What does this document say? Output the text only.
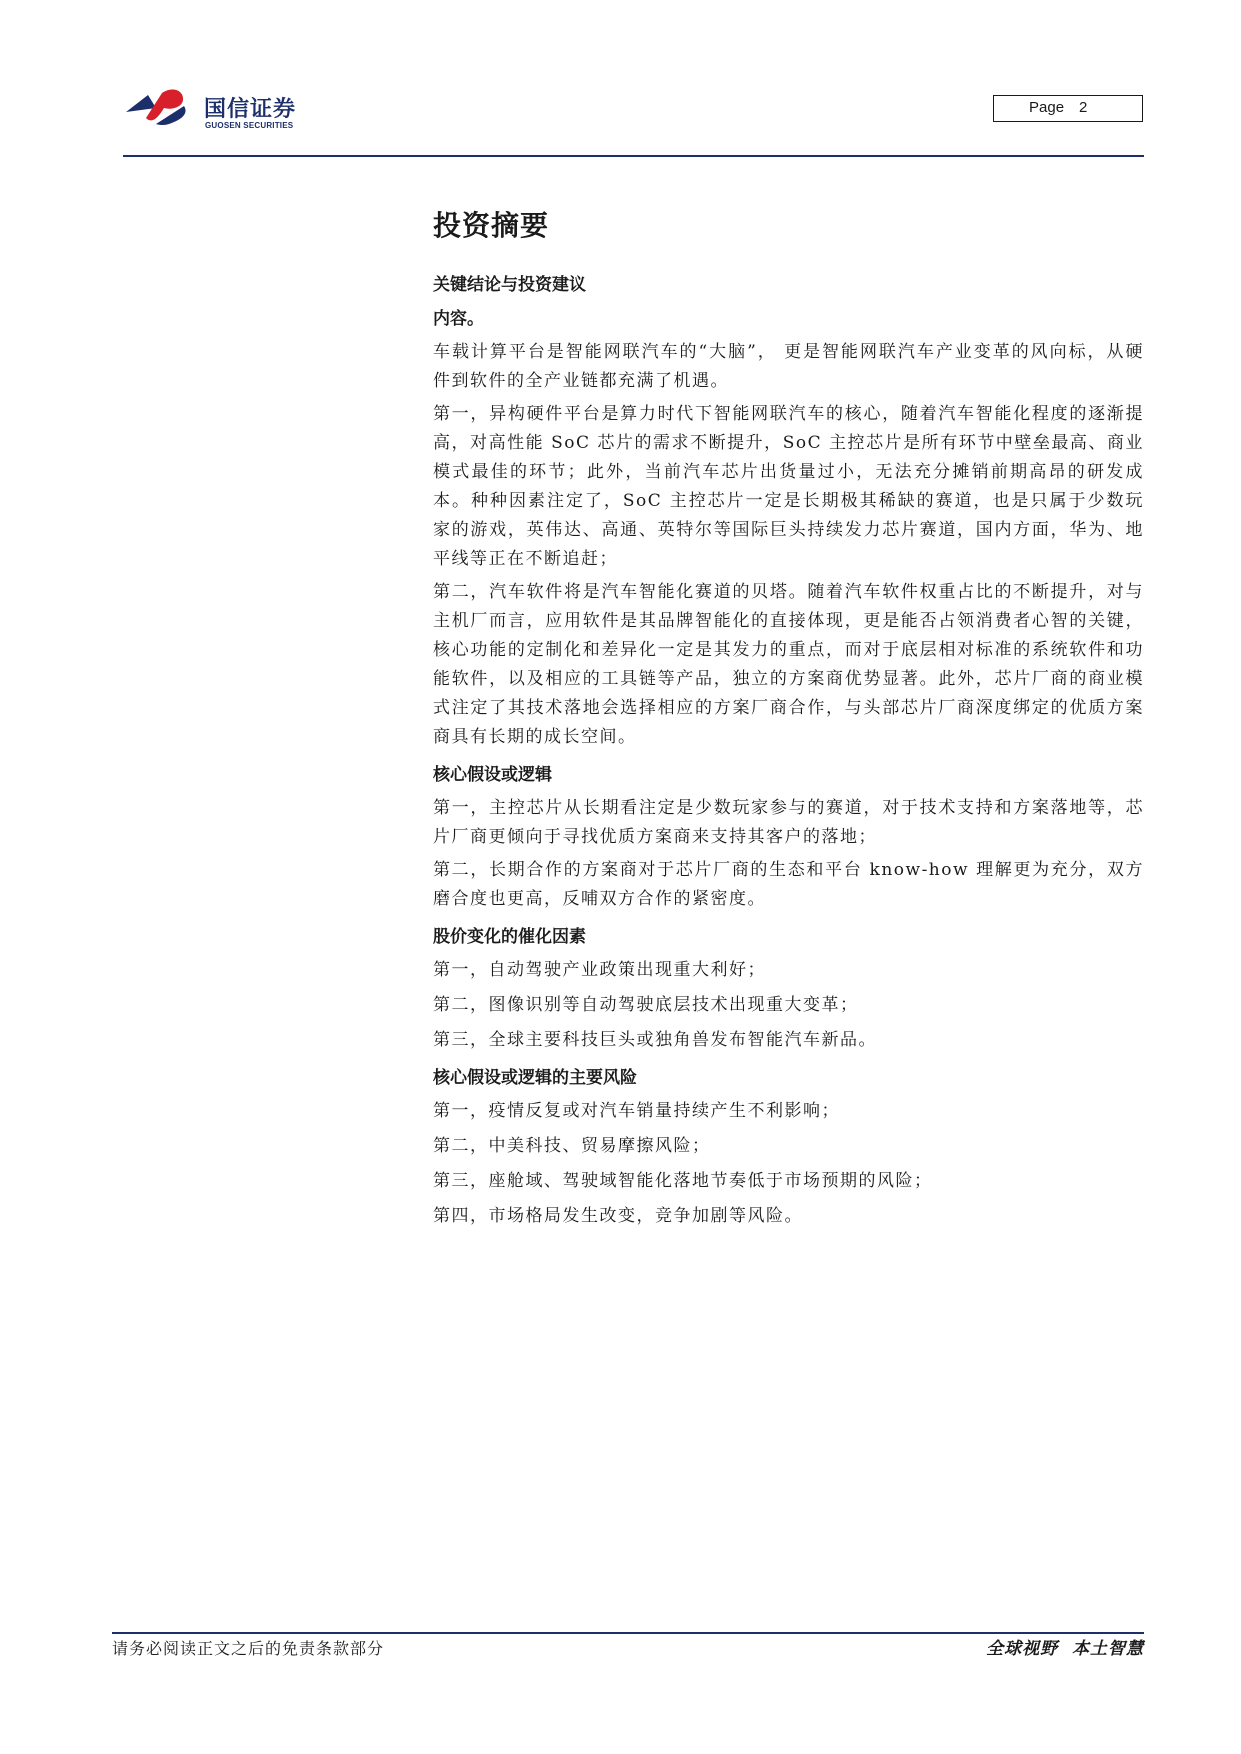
国信证券
GUOSEN SECURITIES
Page 2
投资摘要
关键结论与投资建议
内容。

车载计算平台是智能网联汽车的“大脑”， 更是智能网联汽车产业变革的风向标，从硬件到软件的全产业链都充满了机遇。

第一，异构硬件平台是算力时代下智能网联汽车的核心，随着汽车智能化程度的逐渐提高，对高性能 SoC 芯片的需求不断提升，SoC 主控芯片是所有环节中壁垒最高、商业模式最佳的环节；此外，当前汽车芯片出货量过小，无法充分摊销前期高昂的研发成本。种种因素注定了，SoC 主控芯片一定是长期极其稀缺的赛道，也是只属于少数玩家的游戏，英伟达、高通、英特尔等国际巨头持续发力芯片赛道，国内方面，华为、地平线等正在不断追赶；

第二，汽车软件将是汽车智能化赛道的贝塔。随着汽车软件权重占比的不断提升，对与主机厂而言，应用软件是其品牌智能化的直接体现，更是能否占领消费者心智的关键，核心功能的定制化和差异化一定是其发力的重点，而对于底层相对标准的系统软件和功能软件，以及相应的工具链等产品，独立的方案商优势显著。此外，芯片厂商的商业模式注定了其技术落地会选择相应的方案厂商合作，与头部芯片厂商深度绑定的优质方案商具有长期的成长空间。

核心假设或逻辑

第一，主控芯片从长期看注定是少数玩家参与的赛道，对于技术支持和方案落地等，芯片厂商更倾向于寻找优质方案商来支持其客户的落地；

第二，长期合作的方案商对于芯片厂商的生态和平台 know-how 理解更为充分，双方磨合度也更高，反哺双方合作的紧密度。

股价变化的催化因素

第一，自动驾驶产业政策出现重大利好；

第二，图像识别等自动驾驶底层技术出现重大变革；

第三，全球主要科技巨头或独角兽发布智能汽车新品。

核心假设或逻辑的主要风险

第一，疫情反复或对汽车销量持续产生不利影响；

第二，中美科技、贸易摩擦风险；

第三，座舱域、驾驶域智能化落地节奏低于市场预期的风险；

第四，市场格局发生改变，竞争加剧等风险。

请务必阅读正文之后的免责条款部分	全球视野  本土智慧
